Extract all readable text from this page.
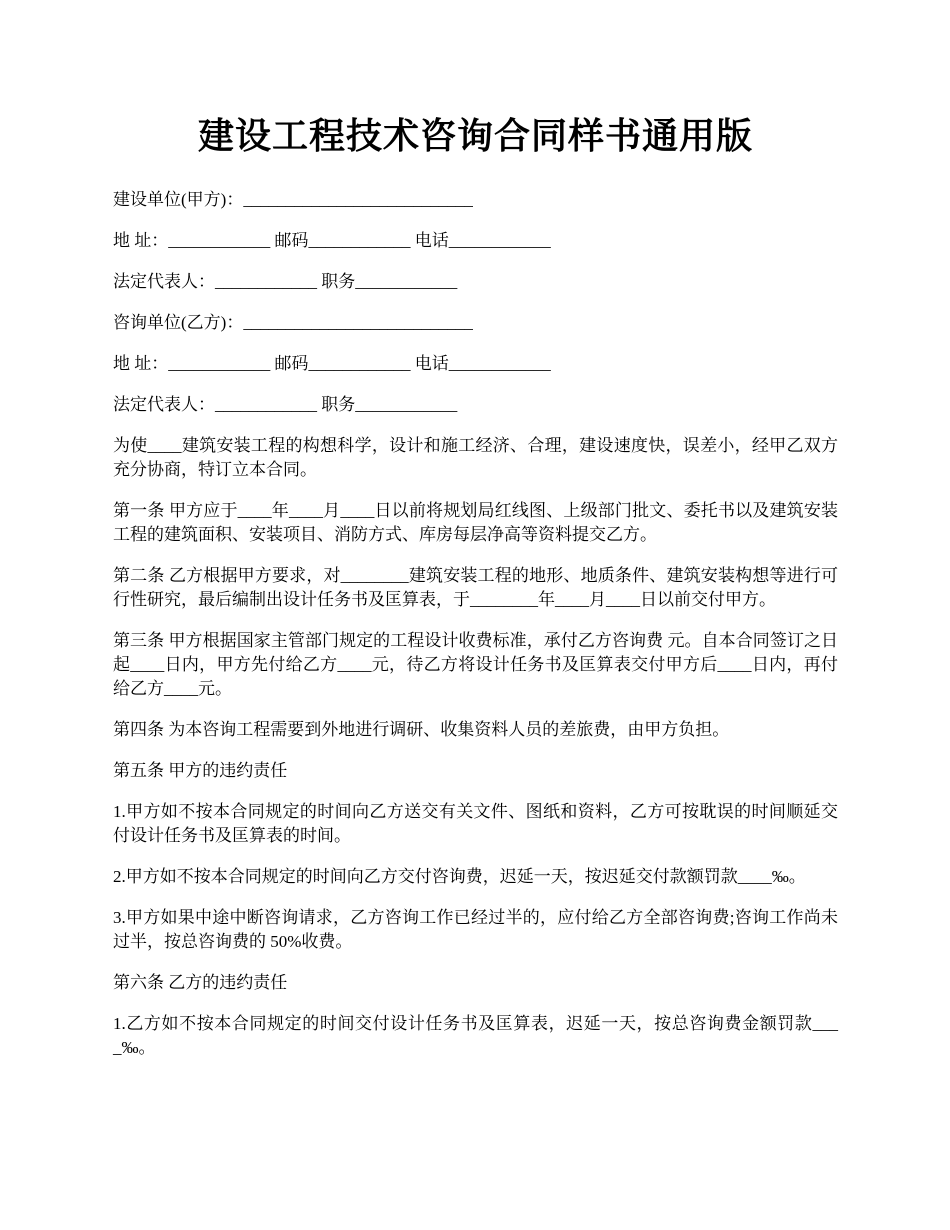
建设工程技术咨询合同样书通用版

建设单位(甲方)：___________________________

地 址：____________ 邮码____________ 电话____________

法定代表人：____________ 职务____________

咨询单位(乙方)：___________________________

地 址：____________ 邮码____________ 电话____________

法定代表人：____________ 职务____________

为使____建筑安装工程的构想科学，设计和施工经济、合理，建设速度快，误差小，经甲乙双方充分协商，特订立本合同。

第一条 甲方应于____年____月____日以前将规划局红线图、上级部门批文、委托书以及建筑安装工程的建筑面积、安装项目、消防方式、库房每层净高等资料提交乙方。

第二条 乙方根据甲方要求，对________建筑安装工程的地形、地质条件、建筑安装构想等进行可行性研究，最后编制出设计任务书及匡算表，于________年____月____日以前交付甲方。

第三条 甲方根据国家主管部门规定的工程设计收费标准，承付乙方咨询费 元。自本合同签订之日起____日内，甲方先付给乙方____元，待乙方将设计任务书及匡算表交付甲方后____日内，再付给乙方____元。

第四条 为本咨询工程需要到外地进行调研、收集资料人员的差旅费，由甲方负担。

第五条 甲方的违约责任

1.甲方如不按本合同规定的时间向乙方送交有关文件、图纸和资料，乙方可按耽误的时间顺延交付设计任务书及匡算表的时间。

2.甲方如不按本合同规定的时间向乙方交付咨询费，迟延一天，按迟延交付款额罚款____‰。

3.甲方如果中途中断咨询请求，乙方咨询工作已经过半的，应付给乙方全部咨询费;咨询工作尚未过半，按总咨询费的 50%收费。

第六条 乙方的违约责任

1.乙方如不按本合同规定的时间交付设计任务书及匡算表，迟延一天，按总咨询费金额罚款____‰。
